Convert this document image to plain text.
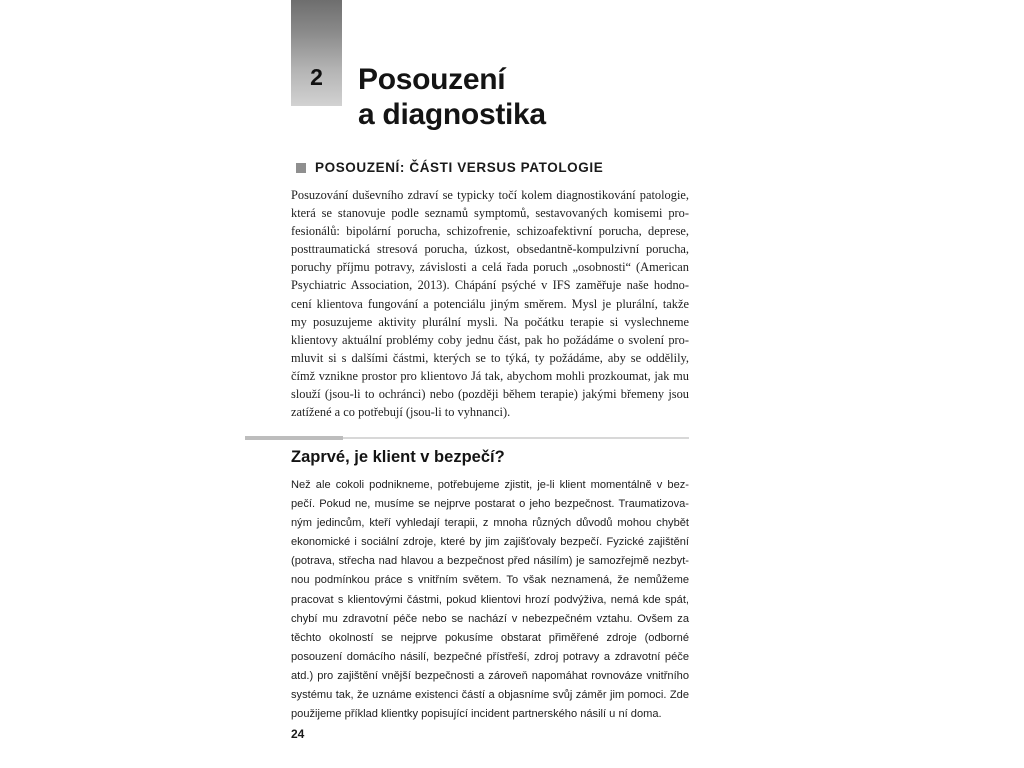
2	Posouzení
a diagnostika
POSOUZENÍ: ČÁSTI VERSUS PATOLOGIE

Posuzování duševního zdraví se typicky točí kolem diagnostikování patologie,
která se stanovuje podle seznamů symptomů, sestavovaných komisemi pro-
fesionálů: bipolární porucha, schizofrenie, schizoafektivní porucha, deprese,
posttraumatická stresová porucha, úzkost, obsedantně-kompulzivní porucha,
poruchy příjmu potravy, závislosti a celá řada poruch „osobnosti“ (American
Psychiatric Association, 2013). Chápání psýché v IFS zaměřuje naše hodno-
cení klientova fungování a potenciálu jiným směrem. Mysl je plurální, takže
my posuzujeme aktivity plurální mysli. Na počátku terapie si vyslechneme
klientovy aktuální problémy coby jednu část, pak ho požádáme o svolení pro-
mluvit si s dalšími částmi, kterých se to týká, ty požádáme, aby se oddělily,
čímž vznikne prostor pro klientovo Já tak, abychom mohli prozkoumat, jak mu
slouží (jsou-li to ochránci) nebo (později během terapie) jakými břemeny jsou
zatížené a co potřebují (jsou-li to vyhnanci).

Zaprvé, je klient v bezpečí?

Než ale cokoli podnikneme, potřebujeme zjistit, je-li klient momentálně v bez-
pečí. Pokud ne, musíme se nejprve postarat o jeho bezpečnost. Traumatizova-
ným jedincům, kteří vyhledají terapii, z mnoha různých důvodů mohou chybět
ekonomické i sociální zdroje, které by jim zajišťovaly bezpečí. Fyzické zajištění
(potrava, střecha nad hlavou a bezpečnost před násilím) je samozřejmě nezbyt-
nou podmínkou práce s vnitřním světem. To však neznamená, že nemůžeme
pracovat s klientovými částmi, pokud klientovi hrozí podvýživa, nemá kde spát,
chybí mu zdravotní péče nebo se nachází v nebezpečném vztahu. Ovšem za
těchto okolností se nejprve pokusíme obstarat přiměřené zdroje (odborné
posouzení domácího násilí, bezpečné přístřeší, zdroj potravy a zdravotní péče
atd.) pro zajištění vnější bezpečnosti a zároveň napomáhat rovnováze vnitřního
systému tak, že uznáme existenci částí a objasníme svůj záměr jim pomoci. Zde
použijeme příklad klientky popisující incident partnerského násilí u ní doma.

24
